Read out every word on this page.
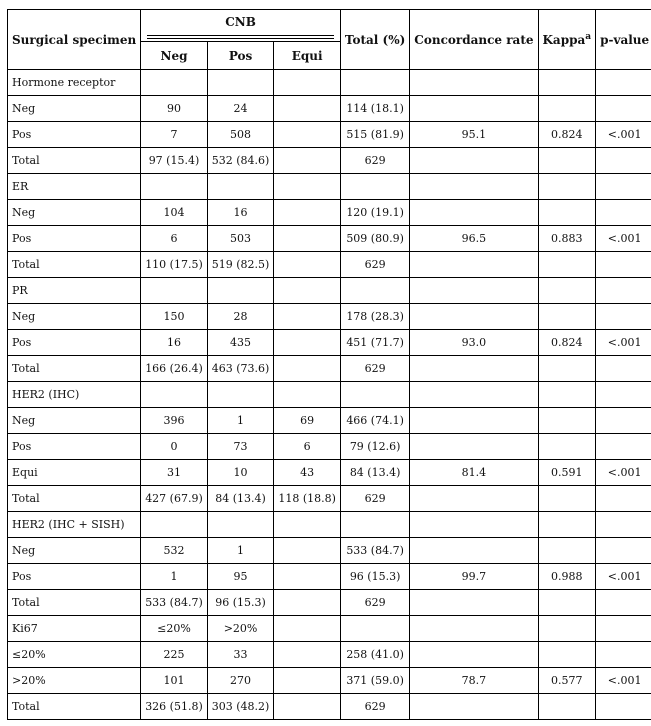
Surgical specimen	CNB			Total (%)	Concordance rate	Kappa$^a$	p-value
	Neg	Pos	Equi				
Hormone receptor							
Neg	90	24		114 (18.1)			
Pos	7	508		515 (81.9)	95.1	0.824	<.001
Total	97 (15.4)	532 (84.6)		629			
ER							
Neg	104	16		120 (19.1)			
Pos	6	503		509 (80.9)	96.5	0.883	<.001
Total	110 (17.5)	519 (82.5)		629			
PR							
Neg	150	28		178 (28.3)			
Pos	16	435		451 (71.7)	93.0	0.824	<.001
Total	166 (26.4)	463 (73.6)		629			
HER2 (IHC)							
Neg	396	1	69	466 (74.1)			
Pos	0	73	6	79 (12.6)			
Equi	31	10	43	84 (13.4)	81.4	0.591	<.001
Total	427 (67.9)	84 (13.4)	118 (18.8)	629			
HER2 (IHC + SISH)							
Neg	532	1		533 (84.7)			
Pos	1	95		96 (15.3)	99.7	0.988	<.001
Total	533 (84.7)	96 (15.3)		629			
Ki67	≤20%	>20%					
≤20%	225	33		258 (41.0)			
>20%	101	270		371 (59.0)	78.7	0.577	<.001
Total	326 (51.8)	303 (48.2)		629			
